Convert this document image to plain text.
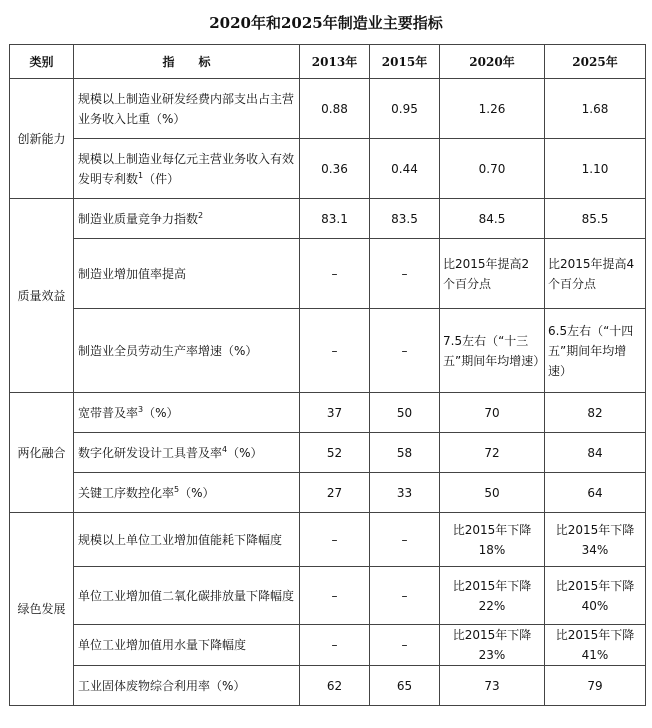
2020年和2025年制造业主要指标
类别	指　　标	2013年	2015年	2020年	2025年
创新能力	规模以上制造业研发经费内部支出占主营业务收入比重（%）	0.88	0.95	1.26	1.68
	规模以上制造业每亿元主营业务收入有效发明专利数$^1$（件）	0.36	0.44	0.70	1.10
质量效益	制造业质量竞争力指数$^2$	83.1	83.5	84.5	85.5
	制造业增加值率提高	–	–	比2015年提高2个百分点	比2015年提高4个百分点
	制造业全员劳动生产率增速（%）	–	–	7.5左右（“十三五”期间年均增速）	6.5左右（“十四五”期间年均增速）
两化融合	宽带普及率$^3$（%）	37	50	70	82
	数字化研发设计工具普及率$^4$（%）	52	58	72	84
	关键工序数控化率$^5$（%）	27	33	50	64
绿色发展	规模以上单位工业增加值能耗下降幅度	–	–	比2015年下降18%	比2015年下降34%
	单位工业增加值二氧化碳排放量下降幅度	–	–	比2015年下降22%	比2015年下降40%
	单位工业增加值用水量下降幅度	–	–	比2015年下降23%	比2015年下降41%
	工业固体废物综合利用率（%）	62	65	73	79
